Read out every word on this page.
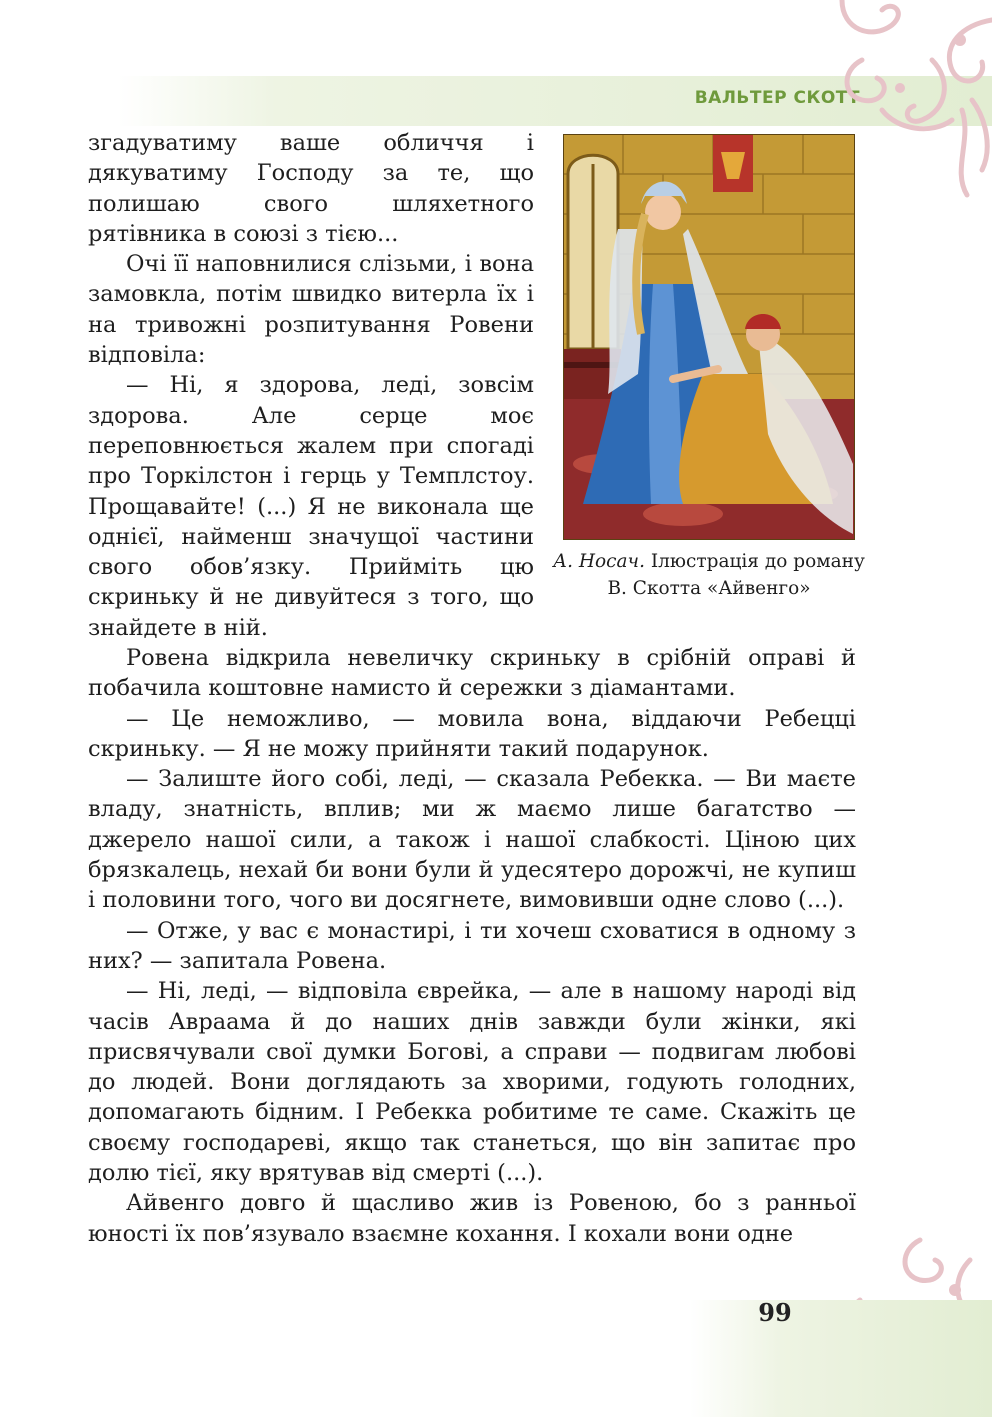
ВАЛЬТЕР СКОТТ
99

згадуватиму ваше обличчя і дякуватиму Господу за те, що полишаю свого шляхетного рятівника в союзі з тією...

Очі її наповнилися слізьми, і вона замовкла, потім швидко витерла їх і на тривожні розпитування Ровени відповіла:

— Ні, я здорова, леді, зовсім здорова. Але серце моє переповнюється жалем при спогаді про Торкілстон і герць у Темплстоу. Прощавайте! (...) Я не виконала ще однієї, найменш значущої частини свого обов’язку. Прийміть цю скриньку й не дивуйтеся з того, що знайдете в ній.

А. Носач. Ілюстрація до роману В. Скотта «Айвенго»

Ровена відкрила невеличку скриньку в срібній оправі й побачила коштовне намисто й сережки з діамантами.

— Це неможливо, — мовила вона, віддаючи Ребецці скриньку. — Я не можу прийняти такий подарунок.

— Залиште його собі, леді, — сказала Ребекка. — Ви маєте владу, знатність, вплив; ми ж маємо лише багатство — джерело нашої сили, а також і нашої слабкості. Ціною цих брязкалець, нехай би вони були й удесятеро дорожчі, не купиш і половини того, чого ви досягнете, вимовивши одне слово (...).

— Отже, у вас є монастирі, і ти хочеш сховатися в одному з них? — запитала Ровена.

— Ні, леді, — відповіла єврейка, — але в нашому народі від часів Авраама й до наших днів завжди були жінки, які присвячували свої думки Богові, а справи — подвигам любові до людей. Вони доглядають за хворими, годують голодних, допомагають бідним. І Ребекка робитиме те саме. Скажіть це своєму господареві, якщо так станеться, що він запитає про долю тієї, яку врятував від смерті (...).

Айвенго довго й щасливо жив із Ровеною, бо з ранньої юності їх пов’язувало взаємне кохання. І кохали вони одне
